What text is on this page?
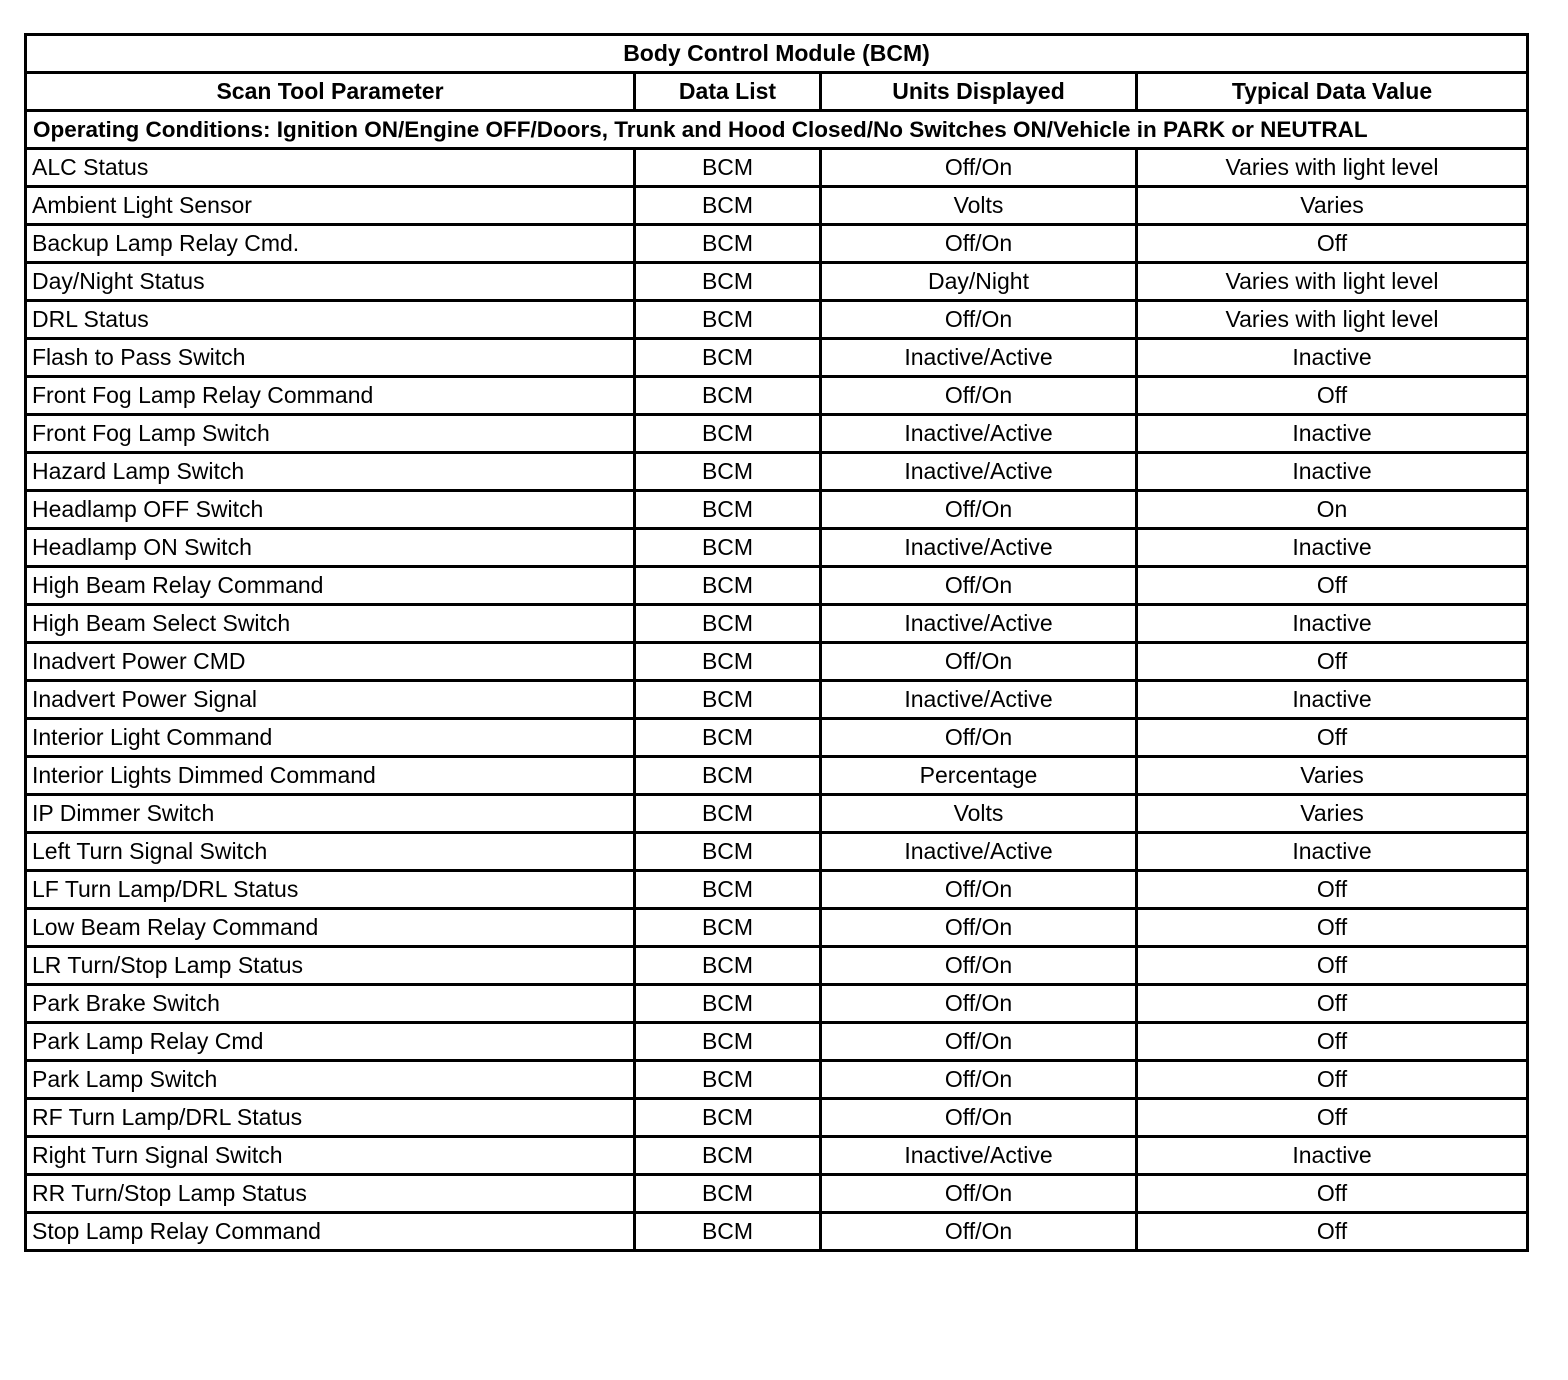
Body Control Module (BCM)			
Scan Tool Parameter	Data List	Units Displayed	Typical Data Value
Operating Conditions: Ignition ON/Engine OFF/Doors, Trunk and Hood Closed/No Switches ON/Vehicle in PARK or NEUTRAL			
ALC Status	BCM	Off/On	Varies with light level
Ambient Light Sensor	BCM	Volts	Varies
Backup Lamp Relay Cmd.	BCM	Off/On	Off
Day/Night Status	BCM	Day/Night	Varies with light level
DRL Status	BCM	Off/On	Varies with light level
Flash to Pass Switch	BCM	Inactive/Active	Inactive
Front Fog Lamp Relay Command	BCM	Off/On	Off
Front Fog Lamp Switch	BCM	Inactive/Active	Inactive
Hazard Lamp Switch	BCM	Inactive/Active	Inactive
Headlamp OFF Switch	BCM	Off/On	On
Headlamp ON Switch	BCM	Inactive/Active	Inactive
High Beam Relay Command	BCM	Off/On	Off
High Beam Select Switch	BCM	Inactive/Active	Inactive
Inadvert Power CMD	BCM	Off/On	Off
Inadvert Power Signal	BCM	Inactive/Active	Inactive
Interior Light Command	BCM	Off/On	Off
Interior Lights Dimmed Command	BCM	Percentage	Varies
IP Dimmer Switch	BCM	Volts	Varies
Left Turn Signal Switch	BCM	Inactive/Active	Inactive
LF Turn Lamp/DRL Status	BCM	Off/On	Off
Low Beam Relay Command	BCM	Off/On	Off
LR Turn/Stop Lamp Status	BCM	Off/On	Off
Park Brake Switch	BCM	Off/On	Off
Park Lamp Relay Cmd	BCM	Off/On	Off
Park Lamp Switch	BCM	Off/On	Off
RF Turn Lamp/DRL Status	BCM	Off/On	Off
Right Turn Signal Switch	BCM	Inactive/Active	Inactive
RR Turn/Stop Lamp Status	BCM	Off/On	Off
Stop Lamp Relay Command	BCM	Off/On	Off
